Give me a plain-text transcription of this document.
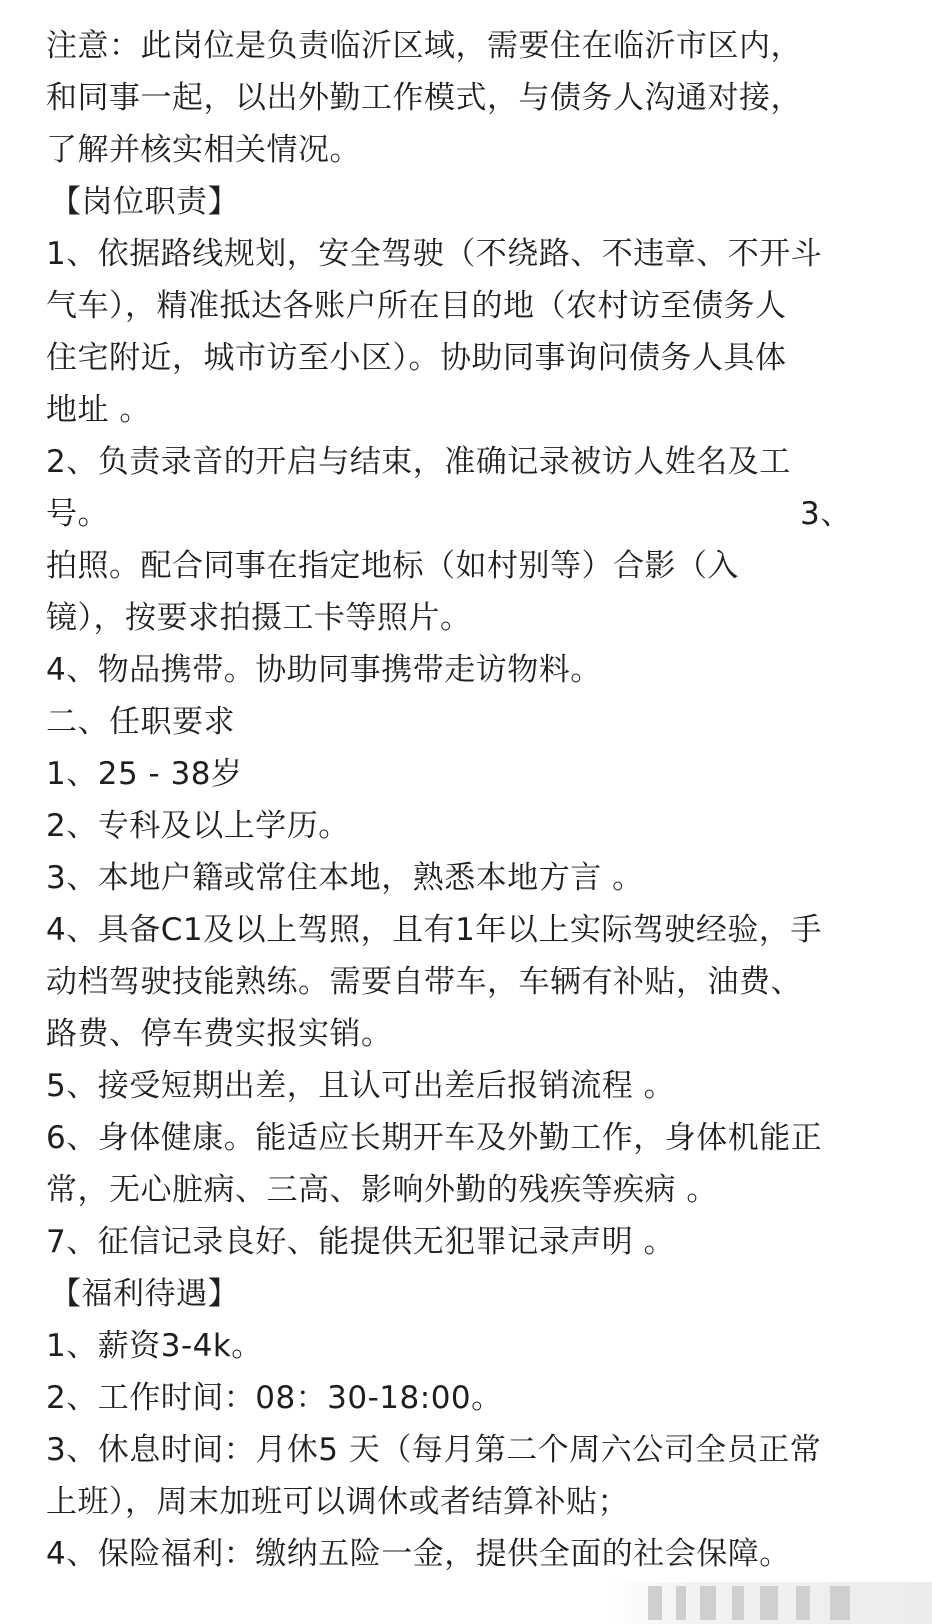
注意：此岗位是负责临沂区域，需要住在临沂市区内，
和同事一起，以出外勤工作模式，与债务人沟通对接，
了解并核实相关情况。
【岗位职责】
1、依据路线规划，安全驾驶（不绕路、不违章、不开斗
气车），精准抵达各账户所在目的地（农村访至债务人
住宅附近，城市访至小区）。协助同事询问债务人具体
地址 。
2、负责录音的开启与结束，准确记录被访人姓名及工
号。	3、
拍照。配合同事在指定地标（如村别等）合影（入
镜），按要求拍摄工卡等照片。
4、物品携带。协助同事携带走访物料。
二、任职要求
1、25 - 38岁
2、专科及以上学历。
3、本地户籍或常住本地，熟悉本地方言 。
4、具备C1及以上驾照，且有1年以上实际驾驶经验，手
动档驾驶技能熟练。需要自带车，车辆有补贴，油费、
路费、停车费实报实销。
5、接受短期出差，且认可出差后报销流程 。
6、身体健康。能适应长期开车及外勤工作，身体机能正
常，无心脏病、三高、影响外勤的残疾等疾病 。
7、征信记录良好、能提供无犯罪记录声明 。
【福利待遇】
1、薪资3-4k。
2、工作时间：08：30-18:00。
3、休息时间：月休5 天（每月第二个周六公司全员正常
上班），周末加班可以调休或者结算补贴；
4、保险福利：缴纳五险一金，提供全面的社会保障。
